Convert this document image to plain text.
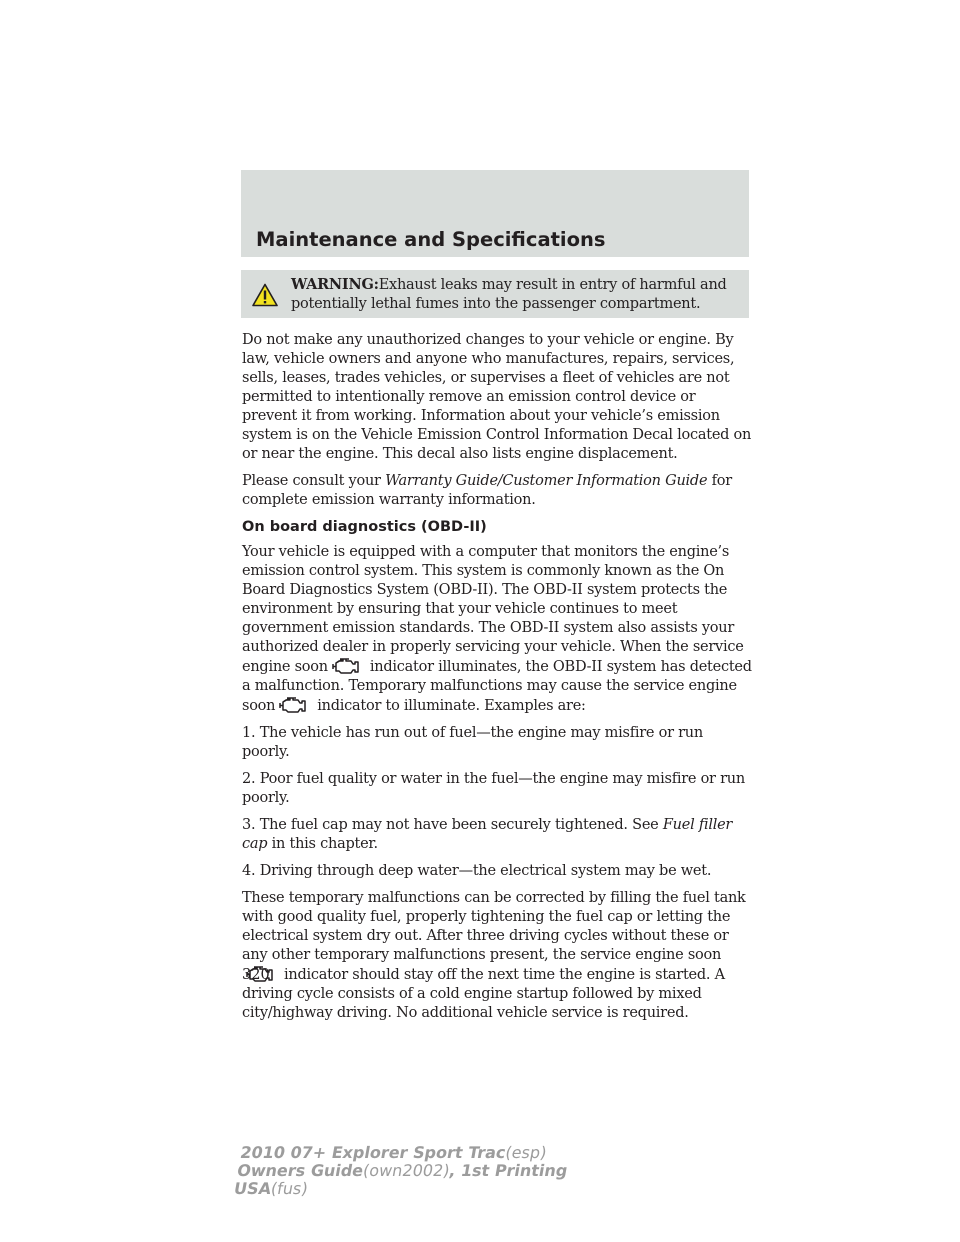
Maintenance and Specifications
WARNING:Exhaust leaks may result in entry of harmful and potentially lethal fumes into the passenger compartment.

Do not make any unauthorized changes to your vehicle or engine. By law, vehicle owners and anyone who manufactures, repairs, services, sells, leases, trades vehicles, or supervises a fleet of vehicles are not permitted to intentionally remove an emission control device or prevent it from working. Information about your vehicle’s emission system is on the Vehicle Emission Control Information Decal located on or near the engine. This decal also lists engine displacement.

Please consult your Warranty Guide/Customer Information Guide for complete emission warranty information.

On board diagnostics (OBD-II)

Your vehicle is equipped with a computer that monitors the engine’s emission control system. This system is commonly known as the On Board Diagnostics System (OBD-II). The OBD-II system protects the environment by ensuring that your vehicle continues to meet government emission standards. The OBD-II system also assists your authorized dealer in properly servicing your vehicle. When the service engine soon	indicator illuminates, the OBD-II system has detected a malfunction. Temporary malfunctions may cause the service engine soon	indicator to illuminate. Examples are:

1. The vehicle has run out of fuel—the engine may misfire or run poorly.

2. Poor fuel quality or water in the fuel—the engine may misfire or run poorly.

3. The fuel cap may not have been securely tightened. See Fuel filler cap in this chapter.

4. Driving through deep water—the electrical system may be wet.

These temporary malfunctions can be corrected by filling the fuel tank with good quality fuel, properly tightening the fuel cap or letting the electrical system dry out. After three driving cycles without these or any other temporary malfunctions present, the service engine soonindicator should stay off the next time the engine is started. A driving cycle consists of a cold engine startup followed by mixed city/highway driving. No additional vehicle service is required.

320
2010 07+ Explorer Sport Trac(esp)
Owners Guide(own2002), 1st Printing
USA(fus)
